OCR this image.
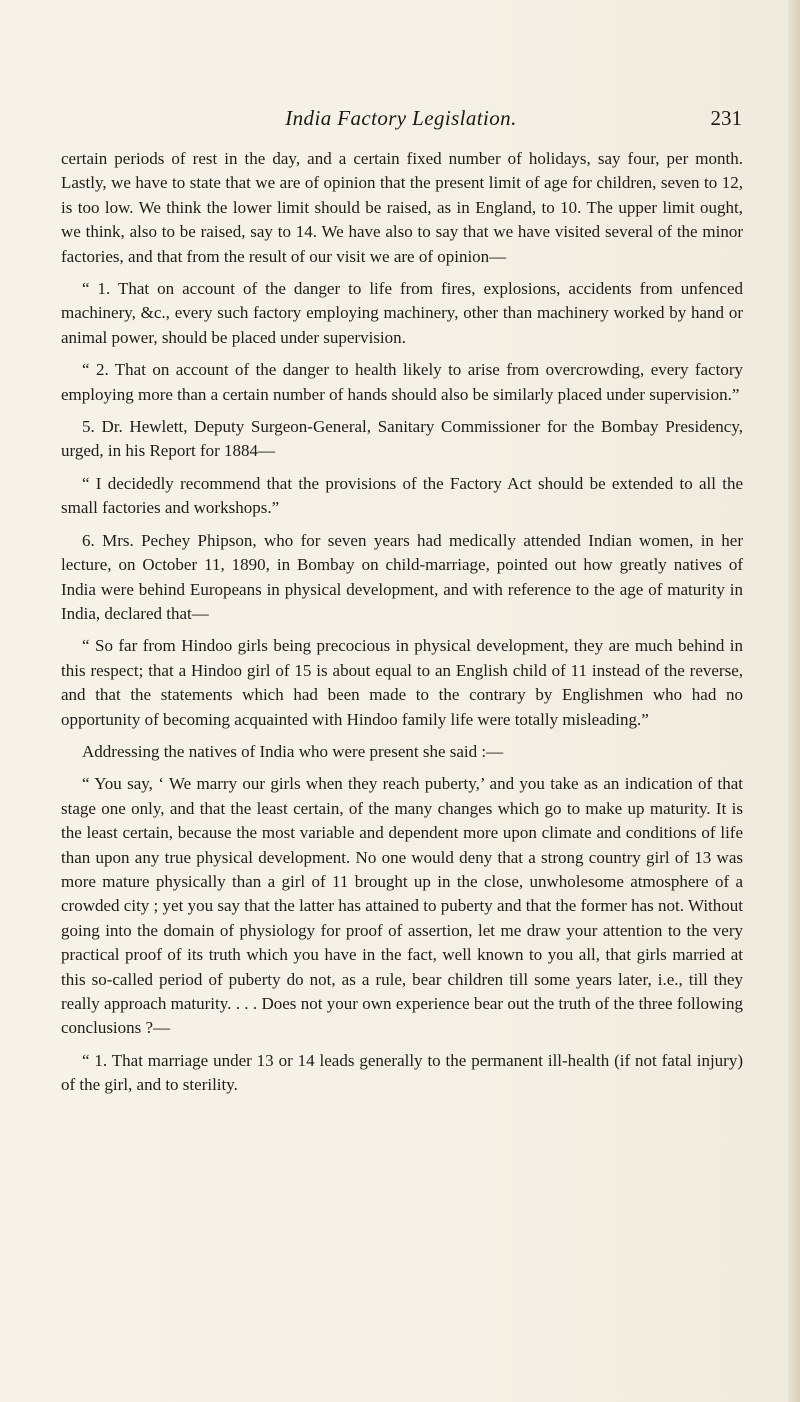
India Factory Legislation.	231

certain periods of rest in the day, and a certain fixed number of holidays, say four, per month. Lastly, we have to state that we are of opinion that the present limit of age for children, seven to 12, is too low. We think the lower limit should be raised, as in England, to 10. The upper limit ought, we think, also to be raised, say to 14. We have also to say that we have visited several of the minor factories, and that from the result of our visit we are of opinion—

“ 1. That on account of the danger to life from fires, explosions, accidents from unfenced machinery, &c., every such factory employing machinery, other than machinery worked by hand or animal power, should be placed under supervision.

“ 2. That on account of the danger to health likely to arise from overcrowding, every factory employing more than a certain number of hands should also be similarly placed under supervision.”

5. Dr. Hewlett, Deputy Surgeon-General, Sanitary Commissioner for the Bombay Presidency, urged, in his Report for 1884—

“ I decidedly recommend that the provisions of the Factory Act should be extended to all the small factories and workshops.”

6. Mrs. Pechey Phipson, who for seven years had medically attended Indian women, in her lecture, on October 11, 1890, in Bombay on child-marriage, pointed out how greatly natives of India were behind Europeans in physical development, and with reference to the age of maturity in India, declared that—

“ So far from Hindoo girls being precocious in physical development, they are much behind in this respect; that a Hindoo girl of 15 is about equal to an English child of 11 instead of the reverse, and that the statements which had been made to the contrary by Englishmen who had no opportunity of becoming acquainted with Hindoo family life were totally misleading.”

Addressing the natives of India who were present she said :—

“ You say, ‘ We marry our girls when they reach puberty,’ and you take as an indication of that stage one only, and that the least certain, of the many changes which go to make up maturity. It is the least certain, because the most variable and dependent more upon climate and conditions of life than upon any true physical development. No one would deny that a strong country girl of 13 was more mature physically than a girl of 11 brought up in the close, unwholesome atmosphere of a crowded city ; yet you say that the latter has attained to puberty and that the former has not. Without going into the domain of physiology for proof of assertion, let me draw your attention to the very practical proof of its truth which you have in the fact, well known to you all, that girls married at this so-called period of puberty do not, as a rule, bear children till some years later, i.e., till they really approach maturity. . . . Does not your own experience bear out the truth of the three following conclusions ?—

“ 1. That marriage under 13 or 14 leads generally to the permanent ill-health (if not fatal injury) of the girl, and to sterility.
